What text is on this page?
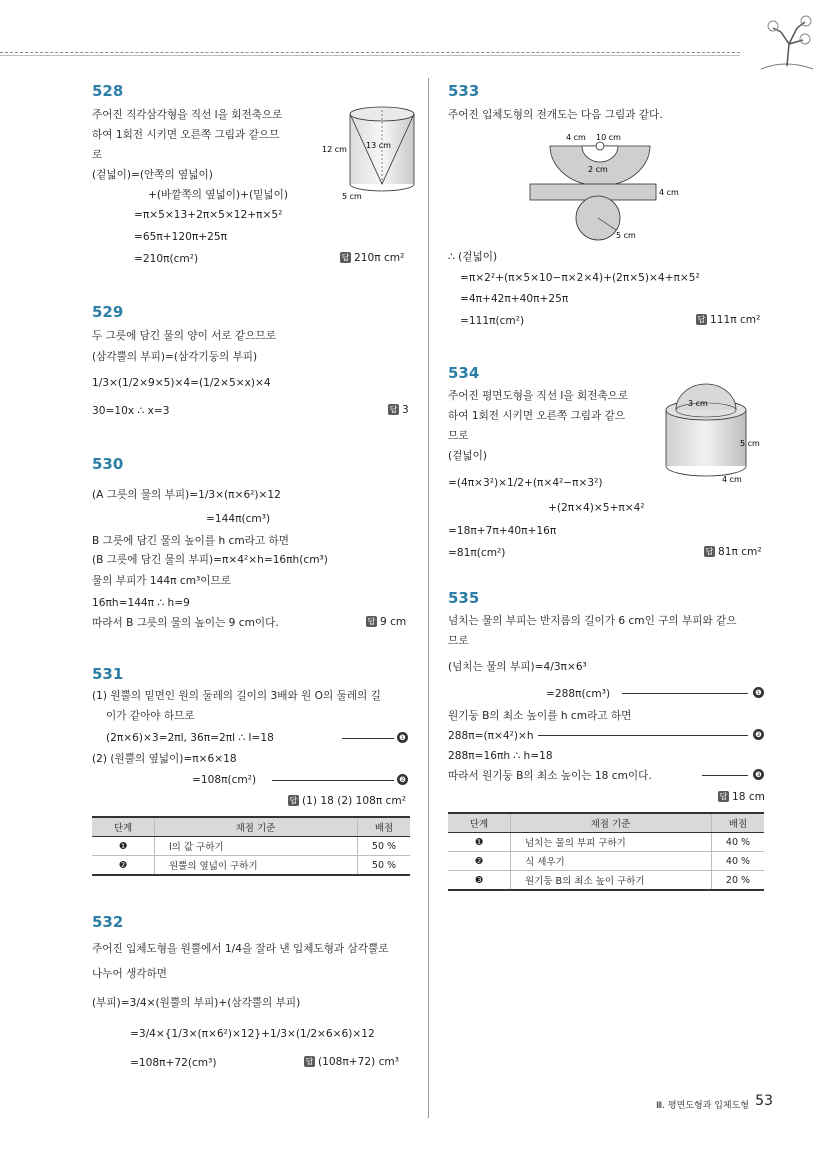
528
주어진 직각삼각형을 직선 l을 회전축으로
하여 1회전 시키면 오른쪽 그림과 같으므
로
(겉넓이)=(안쪽의 옆넓이)
+(바깥쪽의 옆넓이)+(밑넓이)
=π×5×13+2π×5×12+π×5²
=65π+120π+25π
=210π(cm²)	답 210π cm²
12 cm 13 cm
5 cm
529
두 그릇에 담긴 물의 양이 서로 같으므로
(삼각뿔의 부피)=(삼각기둥의 부피)
1/3×(1/2×9×5)×4=(1/2×5×x)×4
30=10x ∴ x=3	답 3
530
(A 그릇의 물의 부피)=1/3×(π×6²)×12
=144π(cm³)
B 그릇에 담긴 물의 높이를 h cm라고 하면
(B 그릇에 담긴 물의 부피)=π×4²×h=16πh(cm³)
물의 부피가 144π cm³이므로
16πh=144π ∴ h=9
따라서 B 그릇의 물의 높이는 9 cm이다.	답 9 cm
531
(1) 원뿔의 밑면인 원의 둘레의 길이의 3배와 원 O의 둘레의 길
이가 같아야 하므로
(2π×6)×3=2πl, 36π=2πl ∴ l=18	❶
(2) (원뿔의 옆넓이)=π×6×18
=108π(cm²)	❷
답 (1) 18 (2) 108π cm²
단계	채점 기준	배점
❶	l의 값 구하기	50 %
❷	원뿔의 옆넓이 구하기	50 %
532
주어진 입체도형을 원뿔에서 1/4을 잘라 낸 입체도형과 삼각뿔로
나누어 생각하면
(부피)=3/4×(원뿔의 부피)+(삼각뿔의 부피)
=3/4×{1/3×(π×6²)×12}+1/3×(1/2×6×6)×12
=108π+72(cm³)	답 (108π+72) cm³
533
주어진 입체도형의 전개도는 다음 그림과 같다.
4 cm 10 cm
2 cm
4 cm
5 cm
∴ (겉넓이)
=π×2²+(π×5×10−π×2×4)+(2π×5)×4+π×5²
=4π+42π+40π+25π
=111π(cm²)	답 111π cm²
534
주어진 평면도형을 직선 l을 회전축으로
하여 1회전 시키면 오른쪽 그림과 같으
므로
(겉넓이)
=(4π×3²)×1/2+(π×4²−π×3²)
+(2π×4)×5+π×4²
=18π+7π+40π+16π
=81π(cm²)	답 81π cm²
3 cm
5 cm
4 cm
535
넘치는 물의 부피는 반지름의 길이가 6 cm인 구의 부피와 같으
므로
(넘치는 물의 부피)=4/3π×6³
=288π(cm³)	❶
원기둥 B의 최소 높이를 h cm라고 하면
288π=(π×4²)×h	❷
288π=16πh ∴ h=18
따라서 원기둥 B의 최소 높이는 18 cm이다.	❸
답 18 cm
단계	채점 기준	배점
❶	넘치는 물의 부피 구하기	40 %
❷	식 세우기	40 %
❸	원기둥 B의 최소 높이 구하기	20 %
Ⅲ. 평면도형과 입체도형 53
